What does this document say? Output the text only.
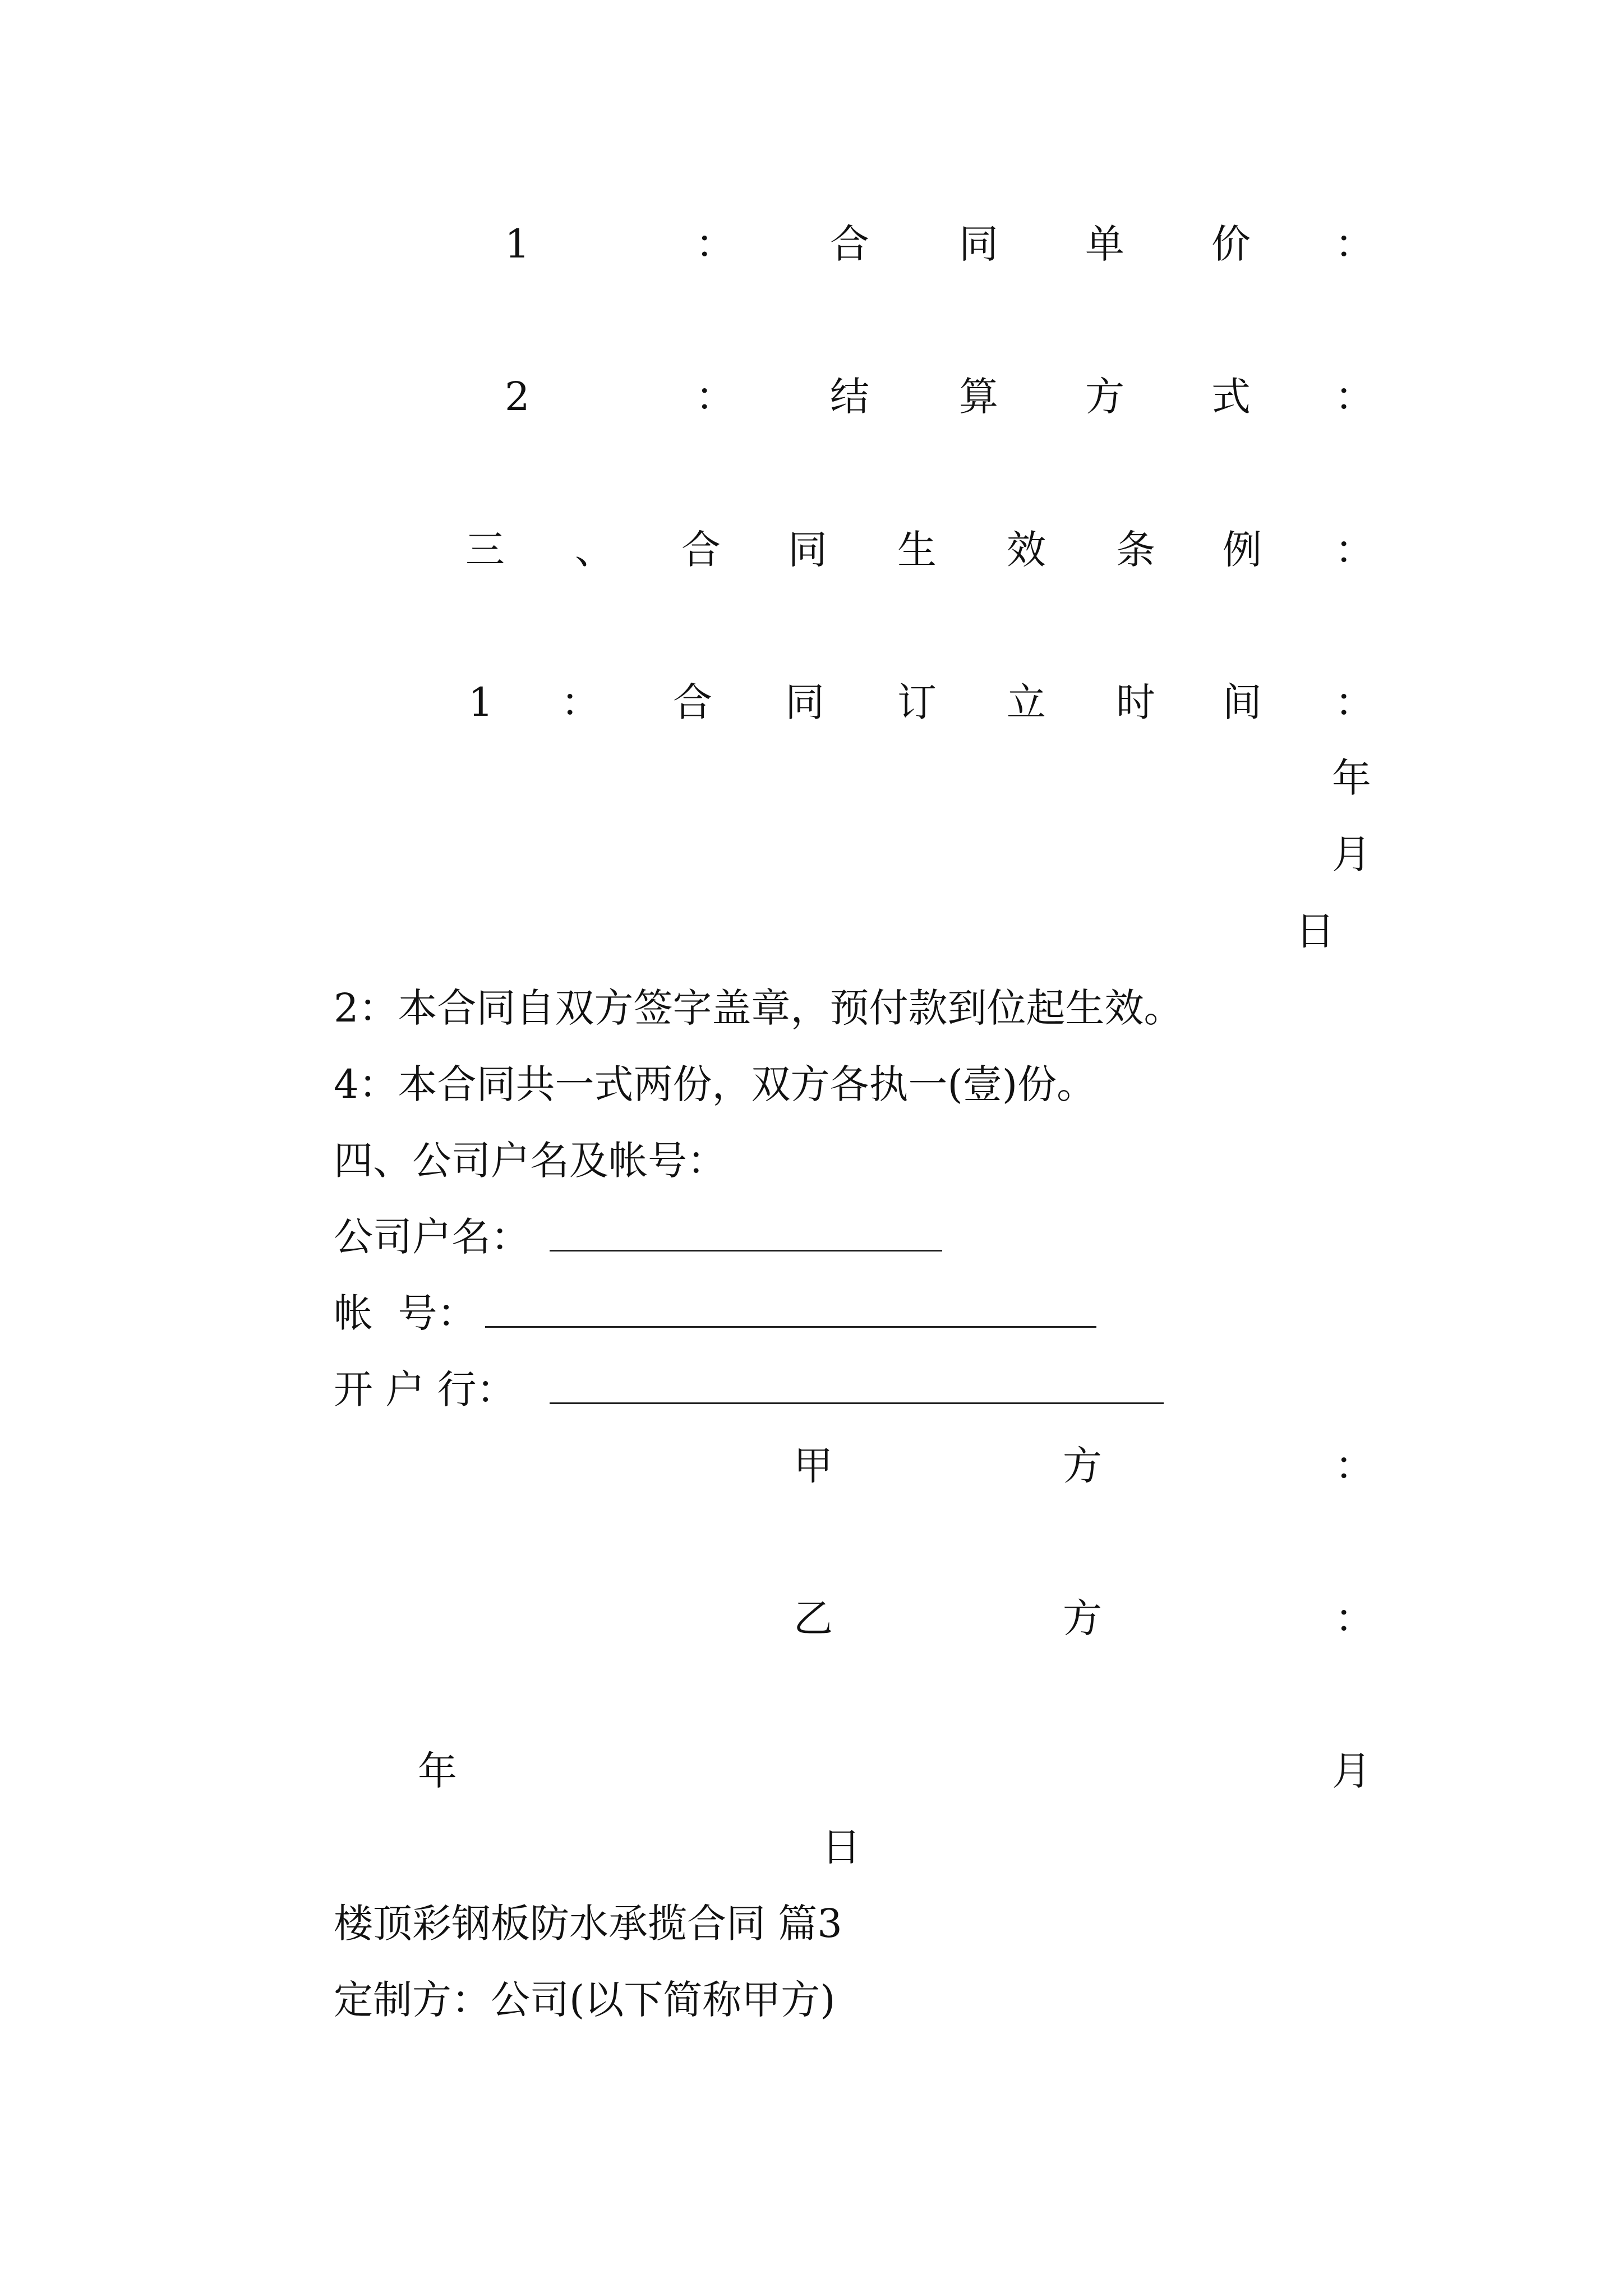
1	： 合 同 单 价 ：
2	： 结 算 方 式 ：
三 、 合 同 生 效 条 例 ：
1 ： 合 同 订 立 时 间 ：
年
月
日
2：本合同自双方签字盖章，预付款到位起生效。
4：本合同共一式两份，双方各执一(壹)份。
四、公司户名及帐号：
公司户名：
帐  号：
开 户 行：
甲	方	：
乙	方	：
年	月
日
楼顶彩钢板防水承揽合同 篇3
定制方：公司(以下简称甲方)
